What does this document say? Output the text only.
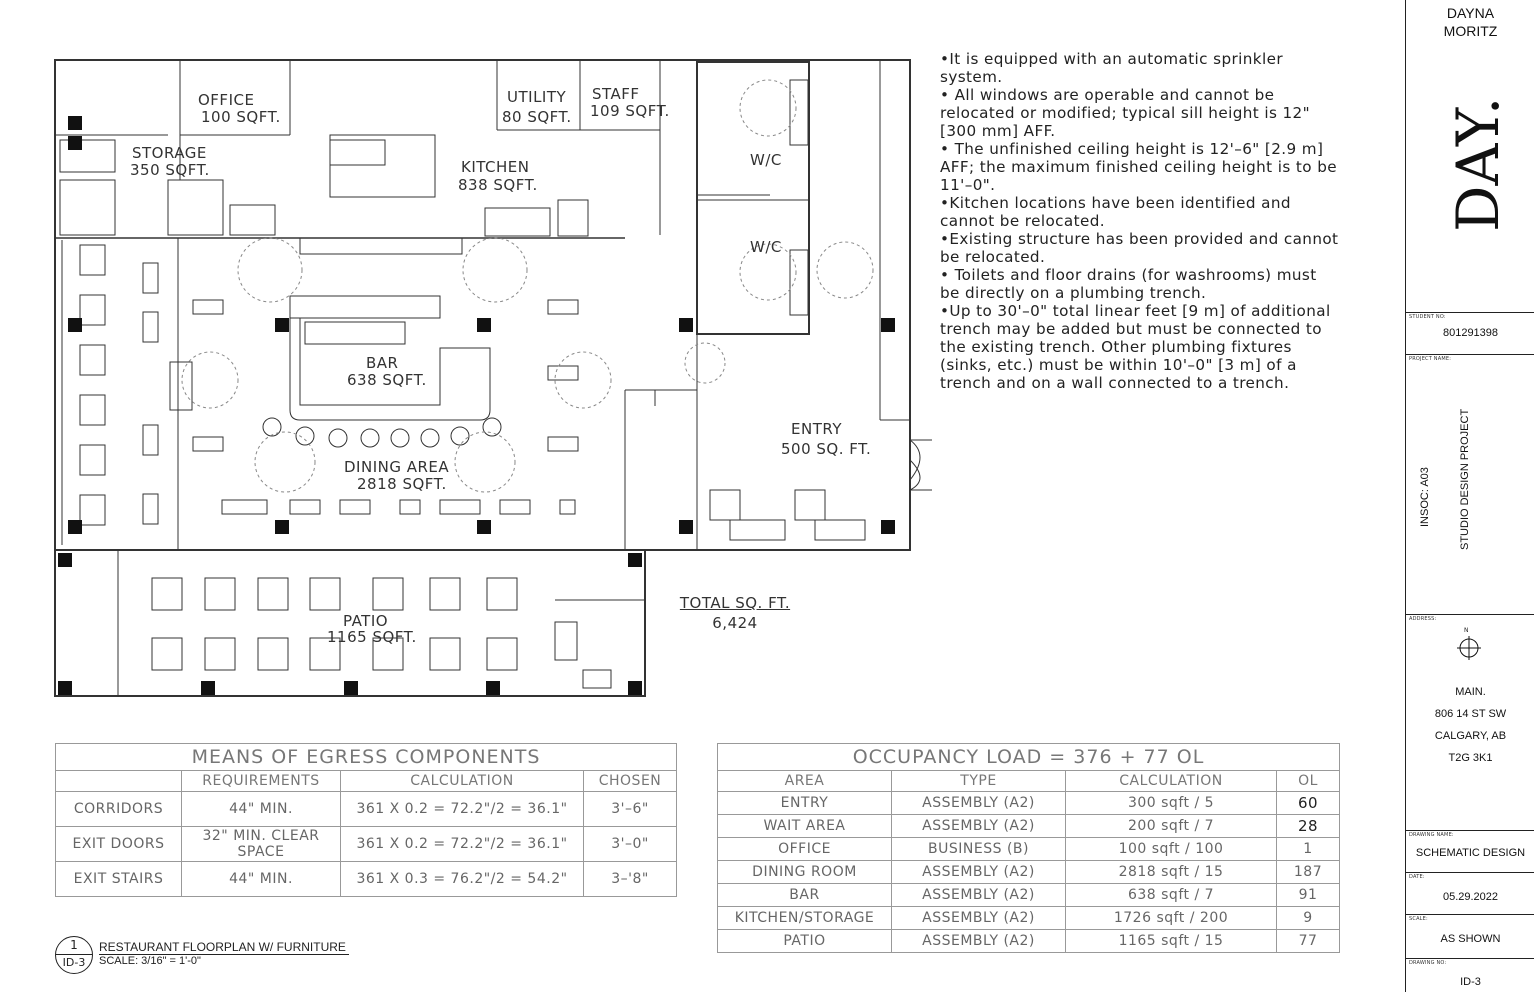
OFFICE
100 SQFT.
UTILITY
80 SQFT.
STAFF
109 SQFT.
STORAGE
350 SQFT.	KITCHEN
838 SQFT.
W/C
W/C
BAR
638 SQFT.
DINING AREA
2818 SQFT.
ENTRY
500 SQ. FT.
PATIO
1165 SQFT.
TOTAL SQ. FT.
6,424
•It is equipped with an automatic sprinkler system.
• All windows are operable and cannot be relocated or modified; typical sill height is 12" [300 mm] AFF.
• The unfinished ceiling height is 12'–6" [2.9 m] AFF; the maximum finished ceiling height is to be 11'–0".
•Kitchen locations have been identified and cannot be relocated.
•Existing structure has been provided and cannot be relocated.
• Toilets and floor drains (for washrooms) must be directly on a plumbing trench.
•Up to 30'–0" total linear feet [9 m] of additional trench may be added but must be connected to the existing trench. Other plumbing fixtures (sinks, etc.) must be within 10'–0" [3 m] of a trench and on a wall connected to a trench.
MEANS OF EGRESS COMPONENTS			
	REQUIREMENTS	CALCULATION	CHOSEN
CORRIDORS	44" MIN.	361 X 0.2 = 72.2"/2 = 36.1"	3'–6"
EXIT DOORS	32" MIN. CLEAR SPACE	361 X 0.2 = 72.2"/2 = 36.1"	3'–0"
EXIT STAIRS	44" MIN.	361 X 0.3 = 76.2"/2 = 54.2"	3–'8"
OCCUPANCY LOAD = 376 + 77 OL			
AREA	TYPE	CALCULATION	OL
ENTRY	ASSEMBLY (A2)	300 sqft / 5	60
WAIT AREA	ASSEMBLY (A2)	200 sqft / 7	28
OFFICE	BUSINESS (B)	100 sqft / 100	1
DINING ROOM	ASSEMBLY (A2)	2818 sqft / 15	187
BAR	ASSEMBLY (A2)	638 sqft / 7	91
KITCHEN/STORAGE	ASSEMBLY (A2)	1726 sqft / 200	9
PATIO	ASSEMBLY (A2)	1165 sqft / 15	77
1
ID-3
RESTAURANT FLOORPLAN W/ FURNITURE
SCALE: 3/16" = 1'-0"
DAYNA
MORITZ
STUDENT NO:
801291398
PROJECT NAME:
ADDRESS:
N
MAIN.
806 14 ST SW
CALGARY, AB
T2G 3K1
DRAWING NAME:
SCHEMATIC DESIGN
DATE:
05.29.2022
SCALE:
AS SHOWN
DRAWING NO:
ID-3
DAY.
INSOC: A03	STUDIO DESIGN PROJECT
